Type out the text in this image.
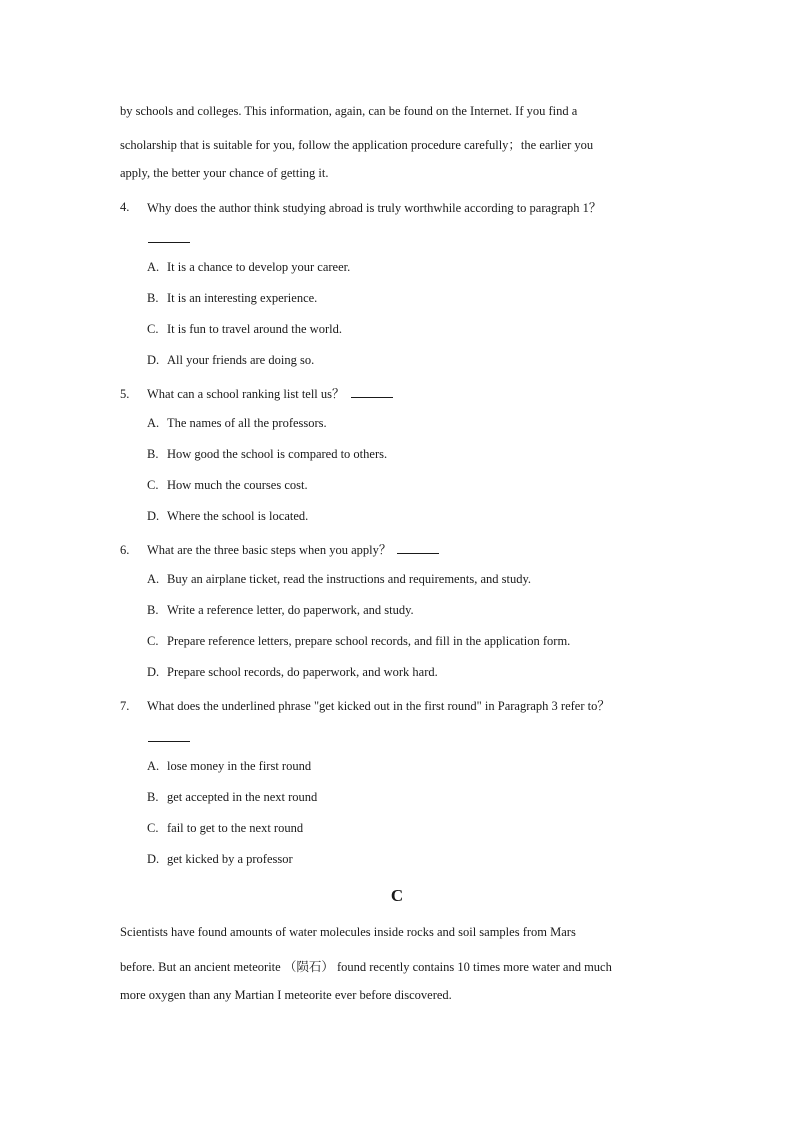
by schools and colleges. This information, again, can be found on the Internet. If you find a
scholarship that is suitable for you, follow the application procedure carefully；the earlier you
apply, the better your chance of getting it.
4. Why does the author think studying abroad is truly worthwhile according to paragraph 1？
A. It is a chance to develop your career.
B. It is an interesting experience.
C. It is fun to travel around the world.
D. All your friends are doing so.
5. What can a school ranking list tell us？
A. The names of all the professors.
B. How good the school is compared to others.
C. How much the courses cost.
D. Where the school is located.
6. What are the three basic steps when you apply？
A. Buy an airplane ticket, read the instructions and requirements, and study.
B. Write a reference letter, do paperwork, and study.
C. Prepare reference letters, prepare school records, and fill in the application form.
D. Prepare school records, do paperwork, and work hard.
7. What does the underlined phrase "get kicked out in the first round" in Paragraph 3 refer to？
A. lose money in the first round
B. get accepted in the next round
C. fail to get to the next round
D. get kicked by a professor
C
Scientists have found amounts of water molecules inside rocks and soil samples from Mars
before. But an ancient meteorite （陨石） found recently contains 10 times more water and much
more oxygen than any Martian I meteorite ever before discovered.
